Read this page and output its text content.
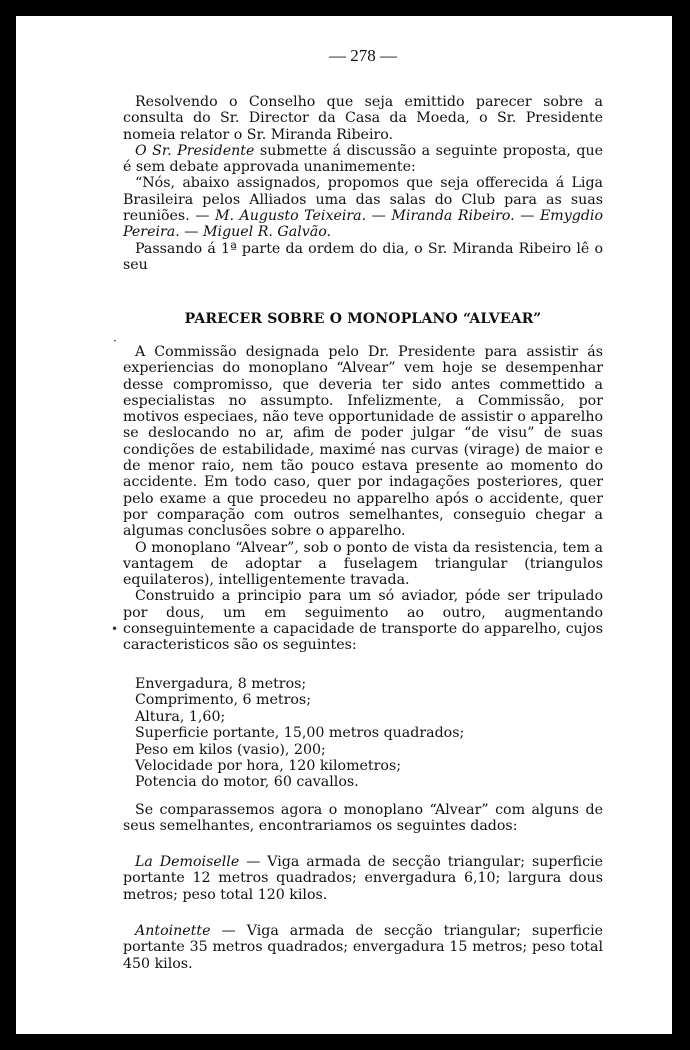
— 278 —

Resolvendo o Conselho que seja emittido parecer sobre a consulta do Sr. Director da Casa da Moeda, o Sr. Presidente nomeia relator o Sr. Miranda Ribeiro.

O Sr. Presidente submette á discussão a seguinte proposta, que é sem debate approvada unanimemente:

“Nós, abaixo assignados, propomos que seja offerecida á Liga Brasileira pelos Alliados uma das salas do Club para as suas reuniões. — M. Augusto Teixeira. — Miranda Ribeiro. — Emygdio Pereira. — Miguel R. Galvão.

Passando á 1ª parte da ordem do dia, o Sr. Miranda Ribeiro lê o seu

PARECER SOBRE O MONOPLANO “ALVEAR”

A Commissão designada pelo Dr. Presidente para assistir ás experiencias do monoplano “Alvear” vem hoje se desempenhar desse compromisso, que deveria ter sido antes commettido a especialistas no assumpto. Infelizmente, a Commissão, por motivos especiaes, não teve opportunidade de assistir o apparelho se deslocando no ar, afim de poder julgar “de visu” de suas condições de estabilidade, maximé nas curvas (virage) de maior e de menor raio, nem tão pouco estava presente ao momento do accidente. Em todo caso, quer por indagações posteriores, quer pelo exame a que procedeu no apparelho após o accidente, quer por comparação com outros semelhantes, conseguio chegar a algumas conclusões sobre o apparelho.

O monoplano “Alvear”, sob o ponto de vista da resistencia, tem a vantagem de adoptar a fuselagem triangular (triangulos equilateros), intelligentemente travada.

Construido a principio para um só aviador, póde ser tripulado por dous, um em seguimento ao outro, augmentando conseguintemente a capacidade de transporte do apparelho, cujos caracteristicos são os seguintes:

Envergadura, 8 metros;
Comprimento, 6 metros;
Altura, 1,60;
Superficie portante, 15,00 metros quadrados;
Peso em kilos (vasio), 200;
Velocidade por hora, 120 kilometros;
Potencia do motor, 60 cavallos.

Se comparassemos agora o monoplano “Alvear” com alguns de seus semelhantes, encontrariamos os seguintes dados:

La Demoiselle — Viga armada de secção triangular; superficie portante 12 metros quadrados; envergadura 6,10; largura dous metros; peso total 120 kilos.

Antoinette — Viga armada de secção triangular; superficie portante 35 metros quadrados; envergadura 15 metros; peso total 450 kilos.

•
·
